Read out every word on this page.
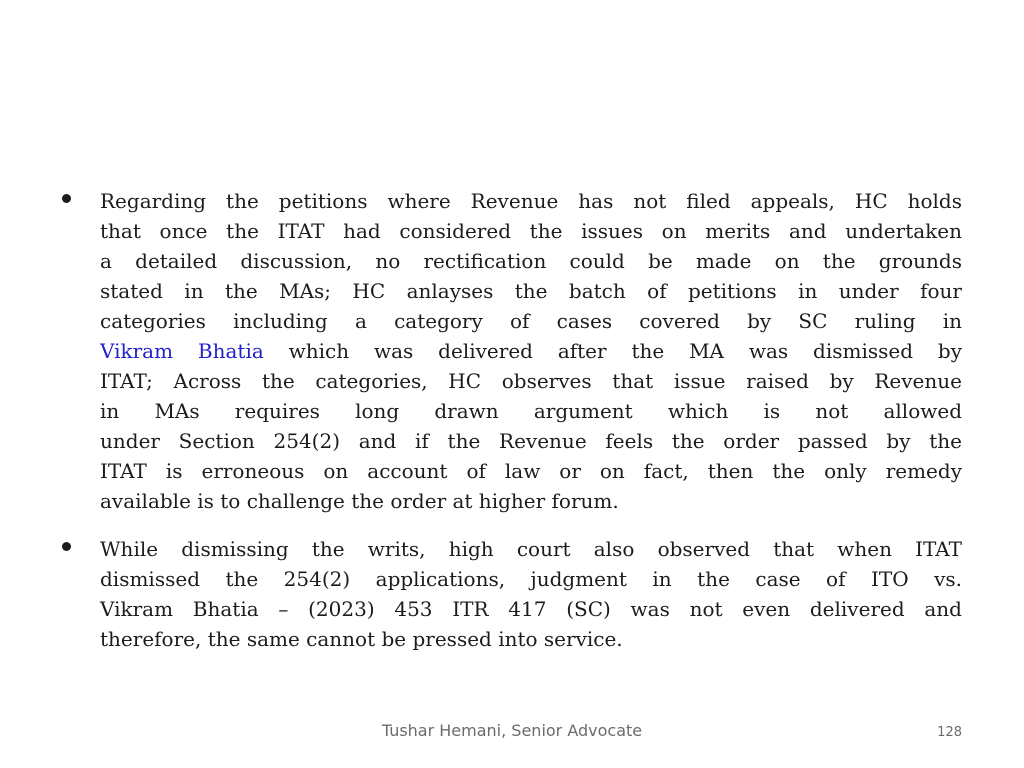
Regarding the petitions where Revenue has not filed appeals, HC holds
that once the ITAT had considered the issues on merits and undertaken
a detailed discussion, no rectification could be made on the grounds
stated in the MAs; HC anlayses the batch of petitions in under four
categories including a category of cases covered by SC ruling in
Vikram Bhatia which was delivered after the MA was dismissed by
ITAT; Across the categories, HC observes that issue raised by Revenue
in MAs requires long drawn argument which is not allowed
under Section 254(2) and if the Revenue feels the order passed by the
ITAT is erroneous on account of law or on fact, then the only remedy
available is to challenge the order at higher forum.
While dismissing the writs, high court also observed that when ITAT
dismissed the 254(2) applications, judgment in the case of ITO vs.
Vikram Bhatia – (2023) 453 ITR 417 (SC) was not even delivered and
therefore, the same cannot be pressed into service.
Tushar Hemani, Senior Advocate	128
